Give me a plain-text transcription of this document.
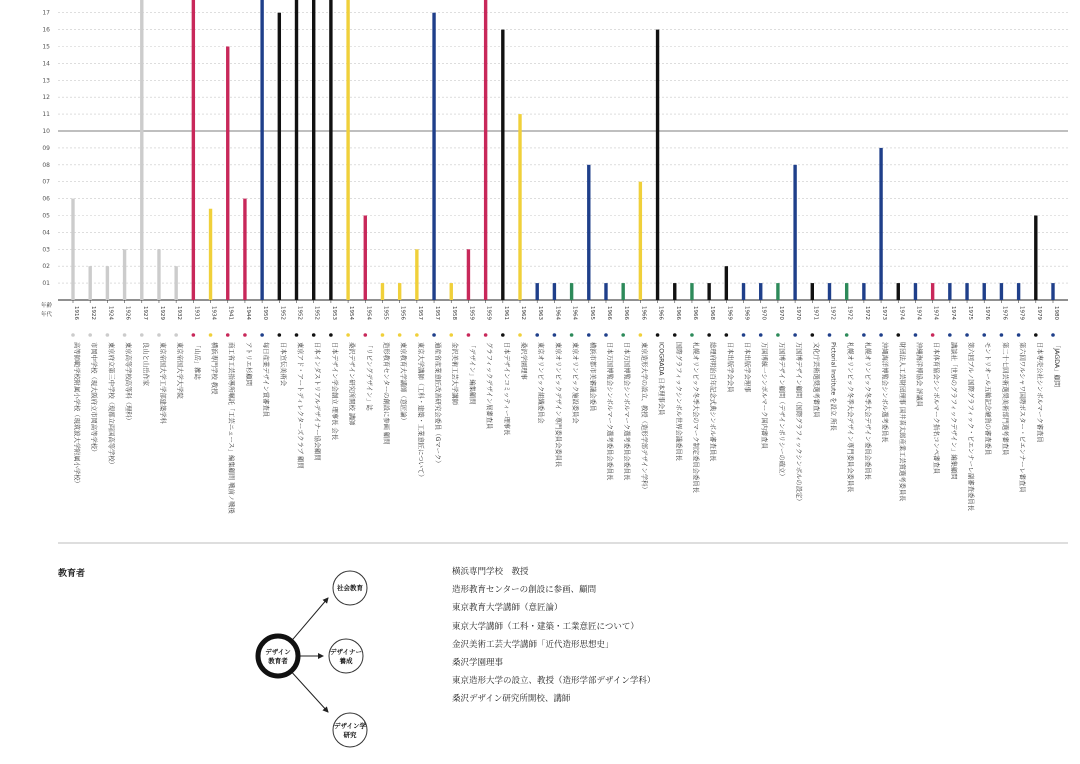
01
02
03
04
05
06
07
08
09
10
11
12
13
14
15
16
17
年齢
年代	1916
高等師範学校附属小学校（現筑波大学附属小学校）
1922
市岡中学校（現大阪府立市岡高等学校）
1924
東京府立第三中学校（現都立両国高等学校）
1926
東京高等学校高等科（理科）
1927
良山と山岳作家
1929
東京帝国大学工学部建築学科
1932
東京帝国大学大学院
1931
「山岳」雑誌
1934
横浜専門学校 教授
1941
商工省工芸指導所嘱託「工芸ニュース」編集顧問 戦前ノ戦後
1944
アトリエ杉顧問
1950
毎日産業デザイン賞審査員
1952
日本宣伝美術会
1952
東京アド・アートディレクターズクラブ 顧問
1952
日本インダストリアルデザイナー協会顧問
1953
日本デザイン学会創立 理事長 会長
1954
桑沢デザイン研究所開校 講師
1954
「リビングデザイン」誌
1955
造形教育センターの創設に参画 顧問
1956
東京教育大学講師（意匠論）
1957
東京大学講師（工科・建築・工業意匠について）
1957
通産省産業意匠改善研究会委員（Gマーク）
1958
金沢美術工芸大学講師
1959
「デザイン」編集顧問
1959
グラフィックデザイン展審査員
1961
日本デザインコミッティー理事長
1962
桑沢学園理事
1963
東京オリンピック組織委員会
1964
東京オリンピックデザイン専門委員会委員長
1964
東京オリンピック施設委員会
1965
横浜市都市美審議会委員
1966
日本万国博覧会シンボルマーク選考委員会委員長
1966
日本万国博覧会シンボルマーク選考委員会委員長
1966
東京造形大学の設立、教授（造形学部デザイン学科）
1966
ICOGRADA 日本理事会員
1966
国際グラフィックシンボル世界会議委員長
1966
札幌オリンピック冬季大会のマーク制定委員会委員長
1968
総理府明治百年記念式典シンボル審査員長
1969
日本出版学会会員
1969
日本出版学会理事
1970
万国博統一シンボルマーク国内審査員
1970
万国博デザイン顧問（デザインポリシーの確立）
1970
万国博デザイン顧問（国際グラフィックシンボルの設定）
1971
文化庁芸術選奨選考審査員
1972
Pictorial Institute を設立 所長
1972
札幌オリンピック冬季大会デザイン専門委員会委員長
1972
札幌オリンピック冬季大会デザイン委員会委員長
1973
沖縄海洋博覧会シンボル選考委員長
1974
財団法人工芸財団理事 国井喜太郎産業工芸賞選考委員長
1974
沖縄海洋博協会 評議員
1974
日本体育協会シンボルマーク指名コンペ審査員
1974
講談社「世界のグラフィックデザイン」編集顧問
1975
第六回ブルノ国際グラフィック・ビエンナーレ副審査委員長
1976
モントリオール五輪記念硬貨の審査委員
1976
第二十七回芸術選奨美術部門選考審査員
1979
第六回ワルシャワ国際ポスター・ビエンナーレ審査員
1979
日本専売公社シンボルマーク審査員
1980
「JAGDA」顧問
教育者
デザイン
教育者
社会教育
デザイナー
養成
デザイン学
研究
横浜専門学校　教授
造形教育センターの創設に参画、顧問
東京教育大学講師（意匠論）
東京大学講師（工科・建築・工業意匠について）
金沢美術工芸大学講師「近代造形思想史」
桑沢学園理事
東京造形大学の設立、教授（造形学部デザイン学科）
桑沢デザイン研究所開校、講師
